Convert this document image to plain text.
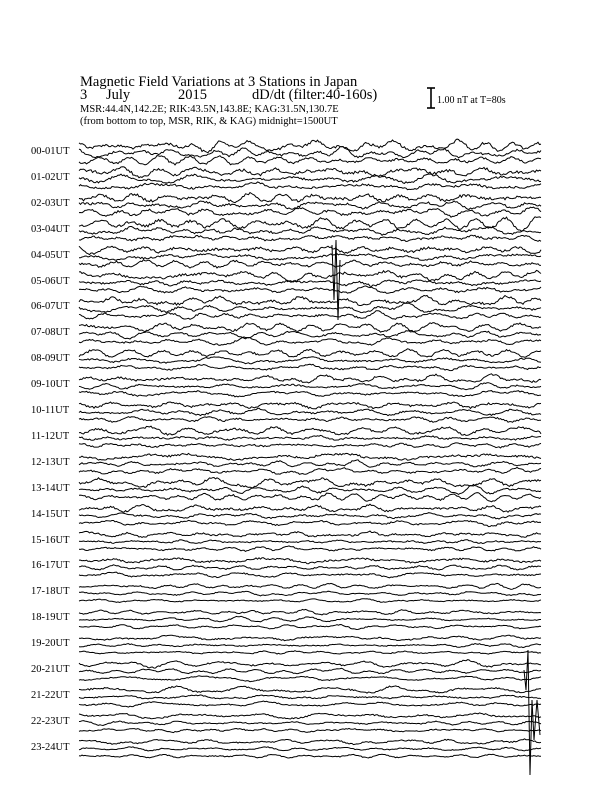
Magnetic Field Variations at 3 Stations in Japan
3 July	2015	dD/dt (filter:40-160s)
MSR:44.4N,142.2E; RIK:43.5N,143.8E; KAG:31.5N,130.7E
(from bottom to top, MSR, RIK, & KAG) midnight=1500UT
1.00 nT at T=80s
00-01UT
01-02UT
02-03UT
03-04UT
04-05UT
05-06UT
06-07UT
07-08UT
08-09UT
09-10UT
10-11UT
11-12UT
12-13UT
13-14UT
14-15UT
15-16UT
16-17UT
17-18UT
18-19UT
19-20UT
20-21UT
21-22UT
22-23UT
23-24UT
